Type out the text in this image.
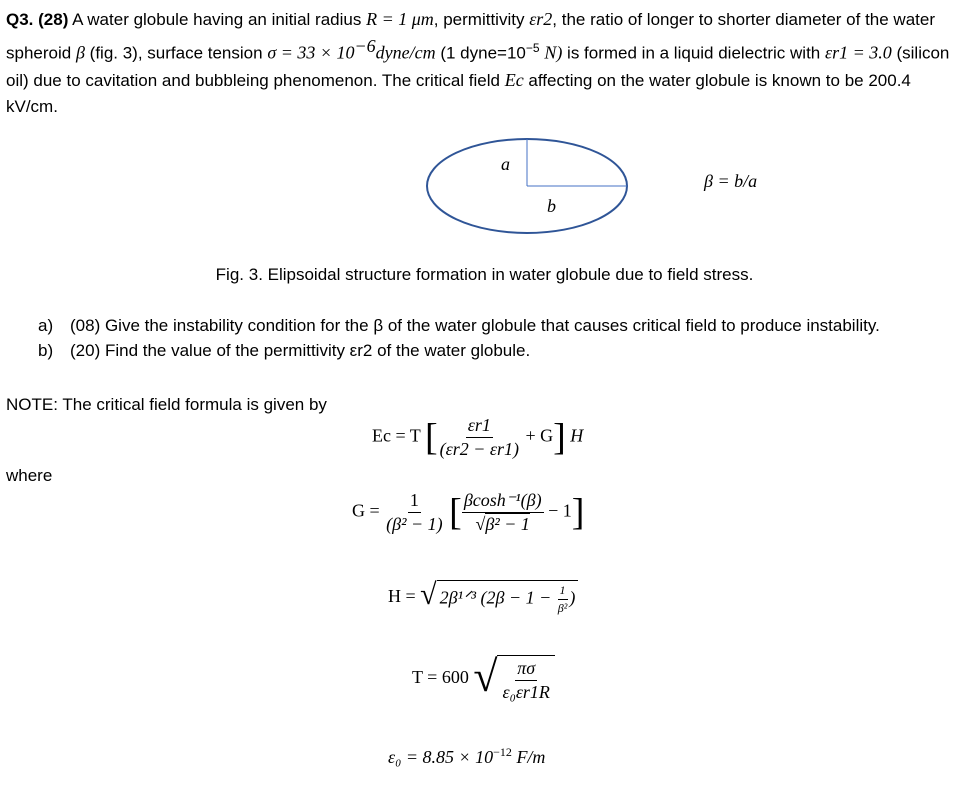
Q3. (28) A water globule having an initial radius R = 1 μm, permittivity εr2, the ratio of longer to shorter diameter of the water spheroid β (fig. 3), surface tension $\sigma = 33 \times 10^{-6}dyne/cm$ (1 $dyne=10^{-5}$ N) is formed in a liquid dielectric with εr1 = 3.0 (silicon oil) due to cavitation and bubbleing phenomenon. The critical field Ec affecting on the water globule is known to be 200.4 kV/cm.
a
b
β = b/a
Fig. 3. Elipsoidal structure formation in water globule due to field stress.
a) (08) Give the instability condition for the β of the water globule that causes critical field to produce instability.
b) (20) Find the value of the permittivity εr2 of the water globule.
NOTE: The critical field formula is given by
where
Ec = T [ $\frac{\varepsilon r1}{(\varepsilon r2 - \varepsilon r1)} + G$] H
$G = \frac{1}{\text{(β² − 1)}}$ [ $\frac{\text{βcosh⁻¹(β)}}{\text{√β² − 1}} - 1$]
H = √ 2β¹ᐟ³ ($2\beta - 1 - \frac{1}{\text{β²}}$ )
T = 600 √ $\frac{\pi\sigma}{\text{ε₀εr1R}}$
$\varepsilon_0 = 8.85 \times 10^{-12}$ F/m
